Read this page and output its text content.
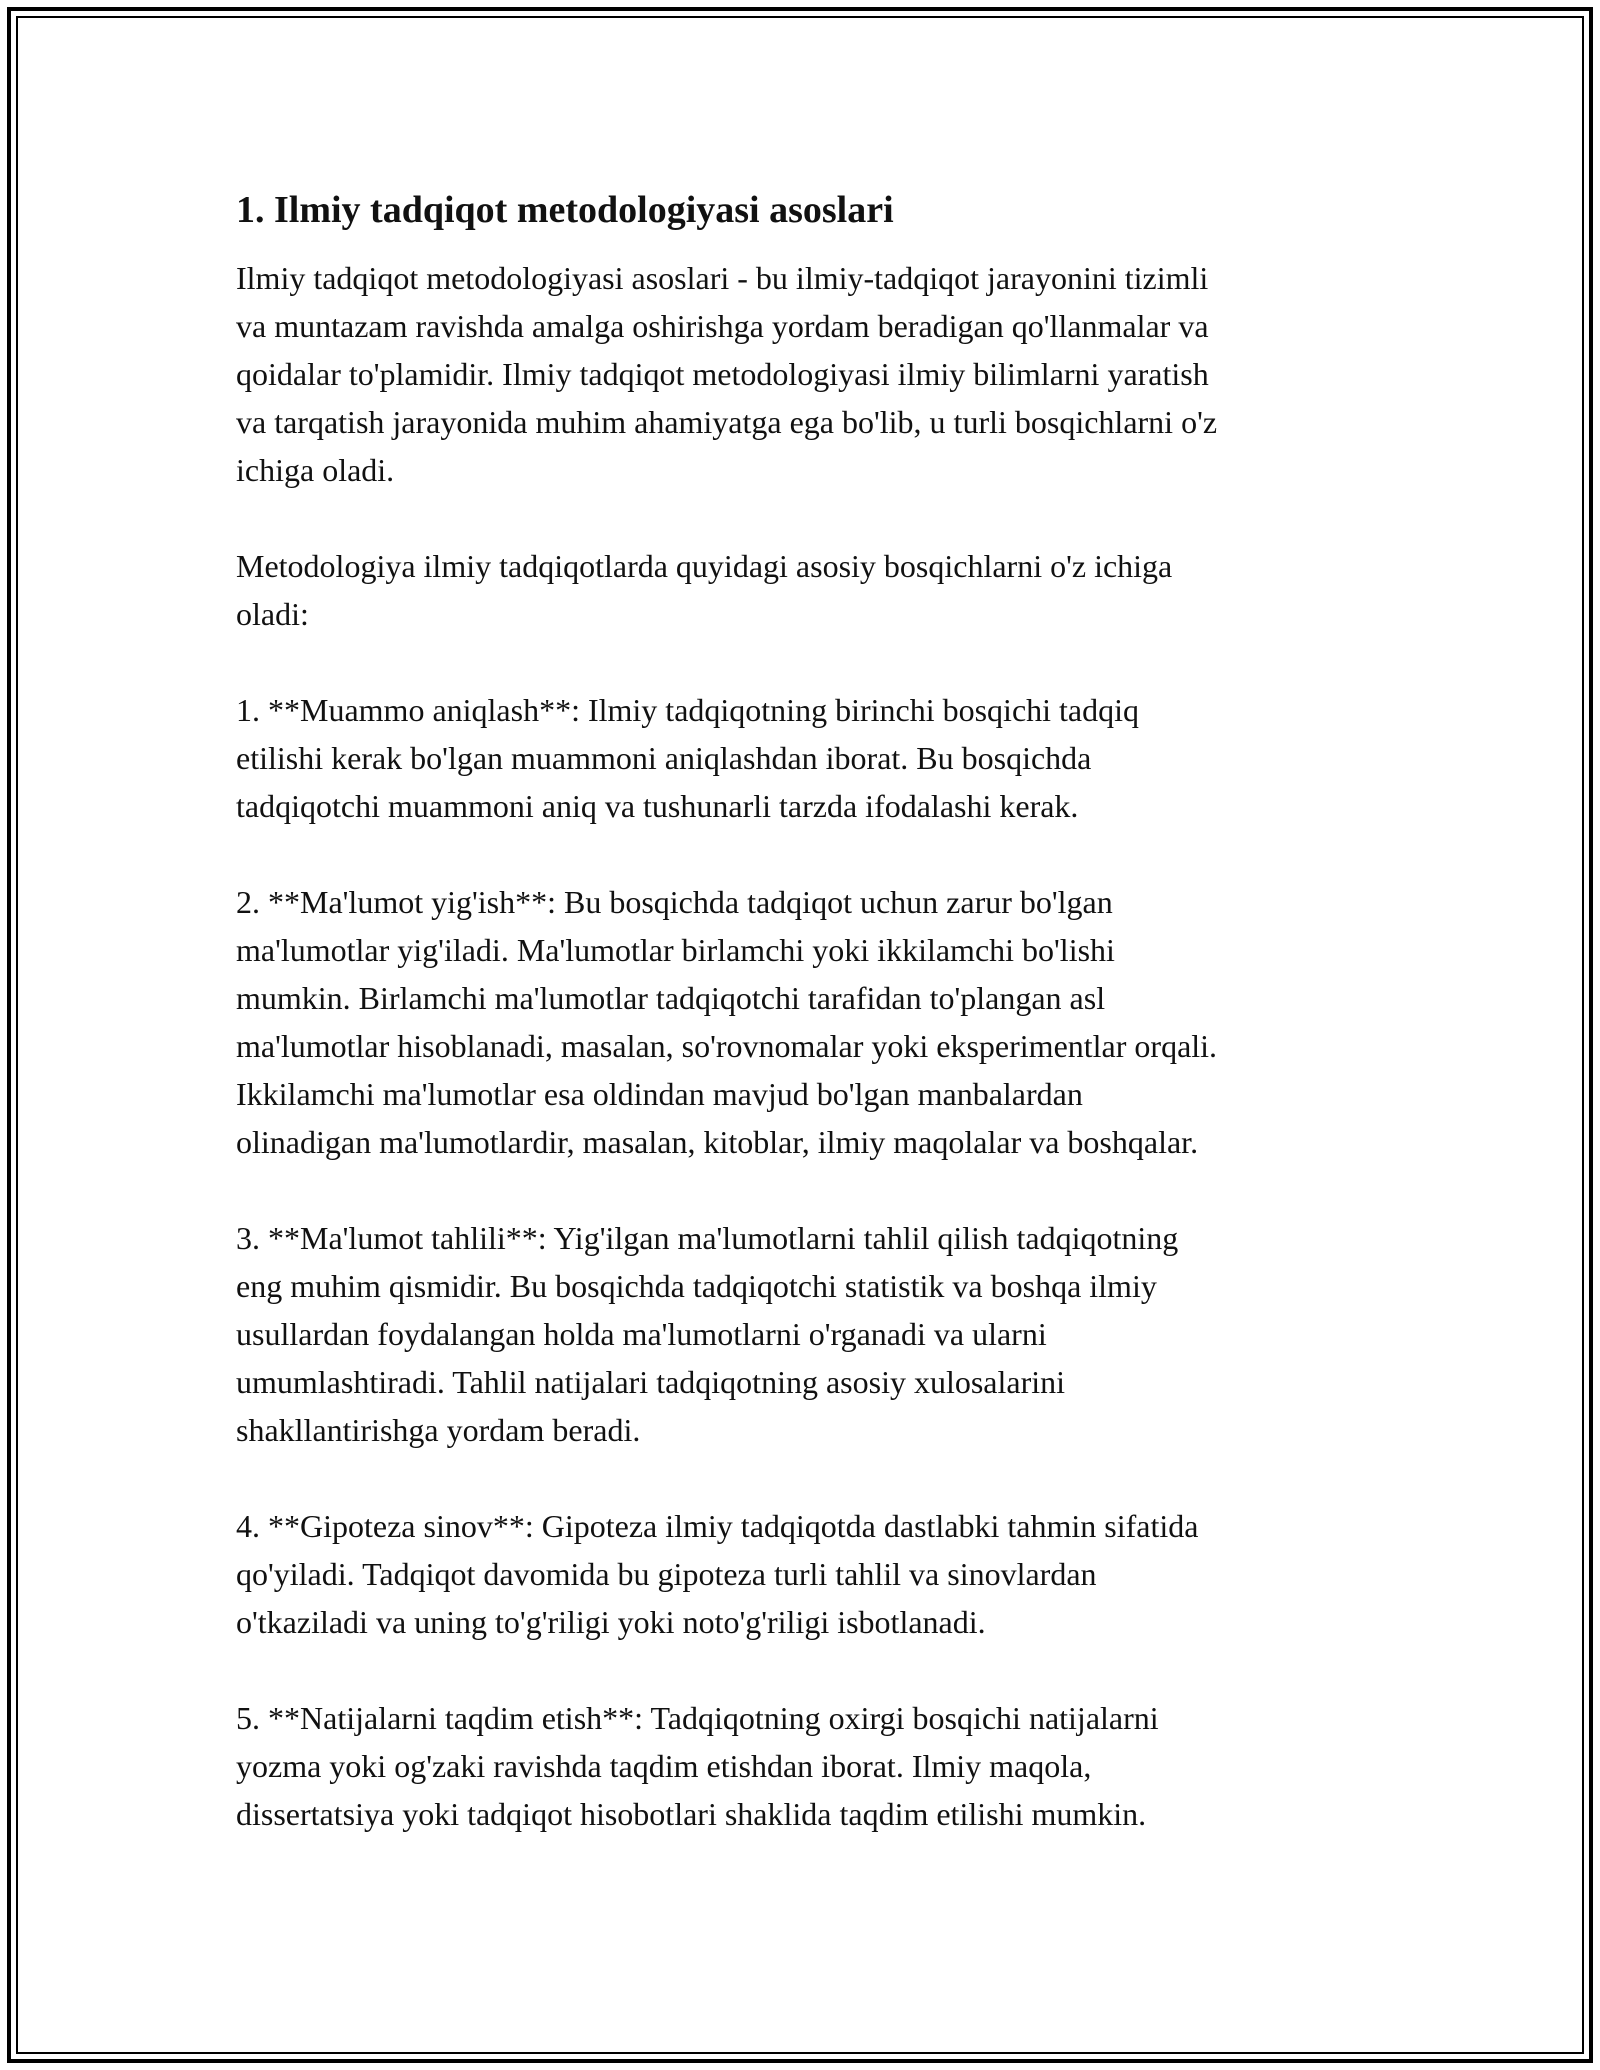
1. Ilmiy tadqiqot metodologiyasi asoslari

Ilmiy tadqiqot metodologiyasi asoslari - bu ilmiy-tadqiqot jarayonini tizimli
va muntazam ravishda amalga oshirishga yordam beradigan qo'llanmalar va
qoidalar to'plamidir. Ilmiy tadqiqot metodologiyasi ilmiy bilimlarni yaratish
va tarqatish jarayonida muhim ahamiyatga ega bo'lib, u turli bosqichlarni o'z
ichiga oladi.

Metodologiya ilmiy tadqiqotlarda quyidagi asosiy bosqichlarni o'z ichiga
oladi:

1. **Muammo aniqlash**: Ilmiy tadqiqotning birinchi bosqichi tadqiq
etilishi kerak bo'lgan muammoni aniqlashdan iborat. Bu bosqichda
tadqiqotchi muammoni aniq va tushunarli tarzda ifodalashi kerak.

2. **Ma'lumot yig'ish**: Bu bosqichda tadqiqot uchun zarur bo'lgan
ma'lumotlar yig'iladi. Ma'lumotlar birlamchi yoki ikkilamchi bo'lishi
mumkin. Birlamchi ma'lumotlar tadqiqotchi tarafidan to'plangan asl
ma'lumotlar hisoblanadi, masalan, so'rovnomalar yoki eksperimentlar orqali.
Ikkilamchi ma'lumotlar esa oldindan mavjud bo'lgan manbalardan
olinadigan ma'lumotlardir, masalan, kitoblar, ilmiy maqolalar va boshqalar.

3. **Ma'lumot tahlili**: Yig'ilgan ma'lumotlarni tahlil qilish tadqiqotning
eng muhim qismidir. Bu bosqichda tadqiqotchi statistik va boshqa ilmiy
usullardan foydalangan holda ma'lumotlarni o'rganadi va ularni
umumlashtiradi. Tahlil natijalari tadqiqotning asosiy xulosalarini
shakllantirishga yordam beradi.

4. **Gipoteza sinov**: Gipoteza ilmiy tadqiqotda dastlabki tahmin sifatida
qo'yiladi. Tadqiqot davomida bu gipoteza turli tahlil va sinovlardan
o'tkaziladi va uning to'g'riligi yoki noto'g'riligi isbotlanadi.

5. **Natijalarni taqdim etish**: Tadqiqotning oxirgi bosqichi natijalarni
yozma yoki og'zaki ravishda taqdim etishdan iborat. Ilmiy maqola,
dissertatsiya yoki tadqiqot hisobotlari shaklida taqdim etilishi mumkin.
